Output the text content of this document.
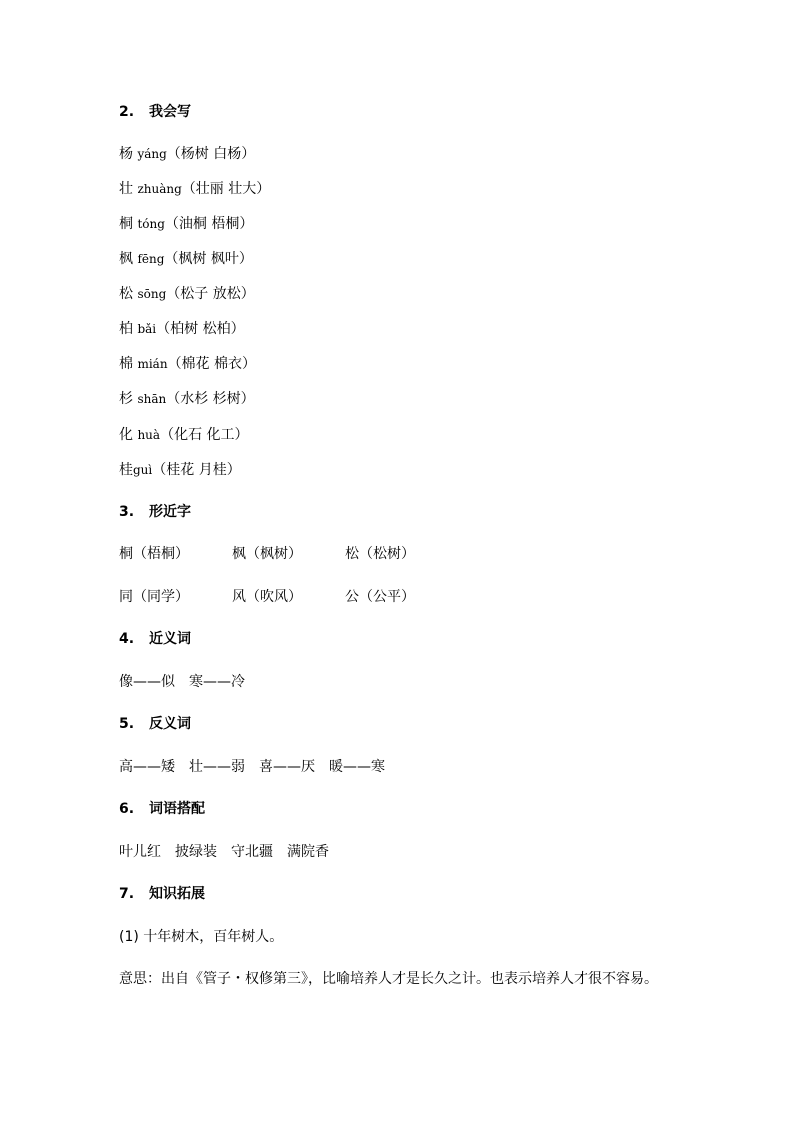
2. 我会写
杨 yáng（杨树 白杨）
壮 zhuàng（壮丽 壮大）
桐 tóng（油桐 梧桐）
枫 fēng（枫树 枫叶）
松 sōng（松子 放松）
柏 bǎi（柏树 松柏）
棉 mián（棉花 棉衣）
杉 shān（水杉 杉树）
化 huà（化石 化工）
桂guì（桂花 月桂）
3. 形近字
桐（梧桐）	枫（枫树）	松（松树）
同（同学）	风（吹风）	公（公平）
4. 近义词
像——似 寒——冷
5. 反义词
高——矮 壮——弱 喜——厌 暖——寒
6. 词语搭配
叶儿红 披绿装 守北疆 满院香
7. 知识拓展
(1) 十年树木，百年树人。
意思：出自《管子・权修第三》，比喻培养人才是长久之计。也表示培养人才很不容易。
